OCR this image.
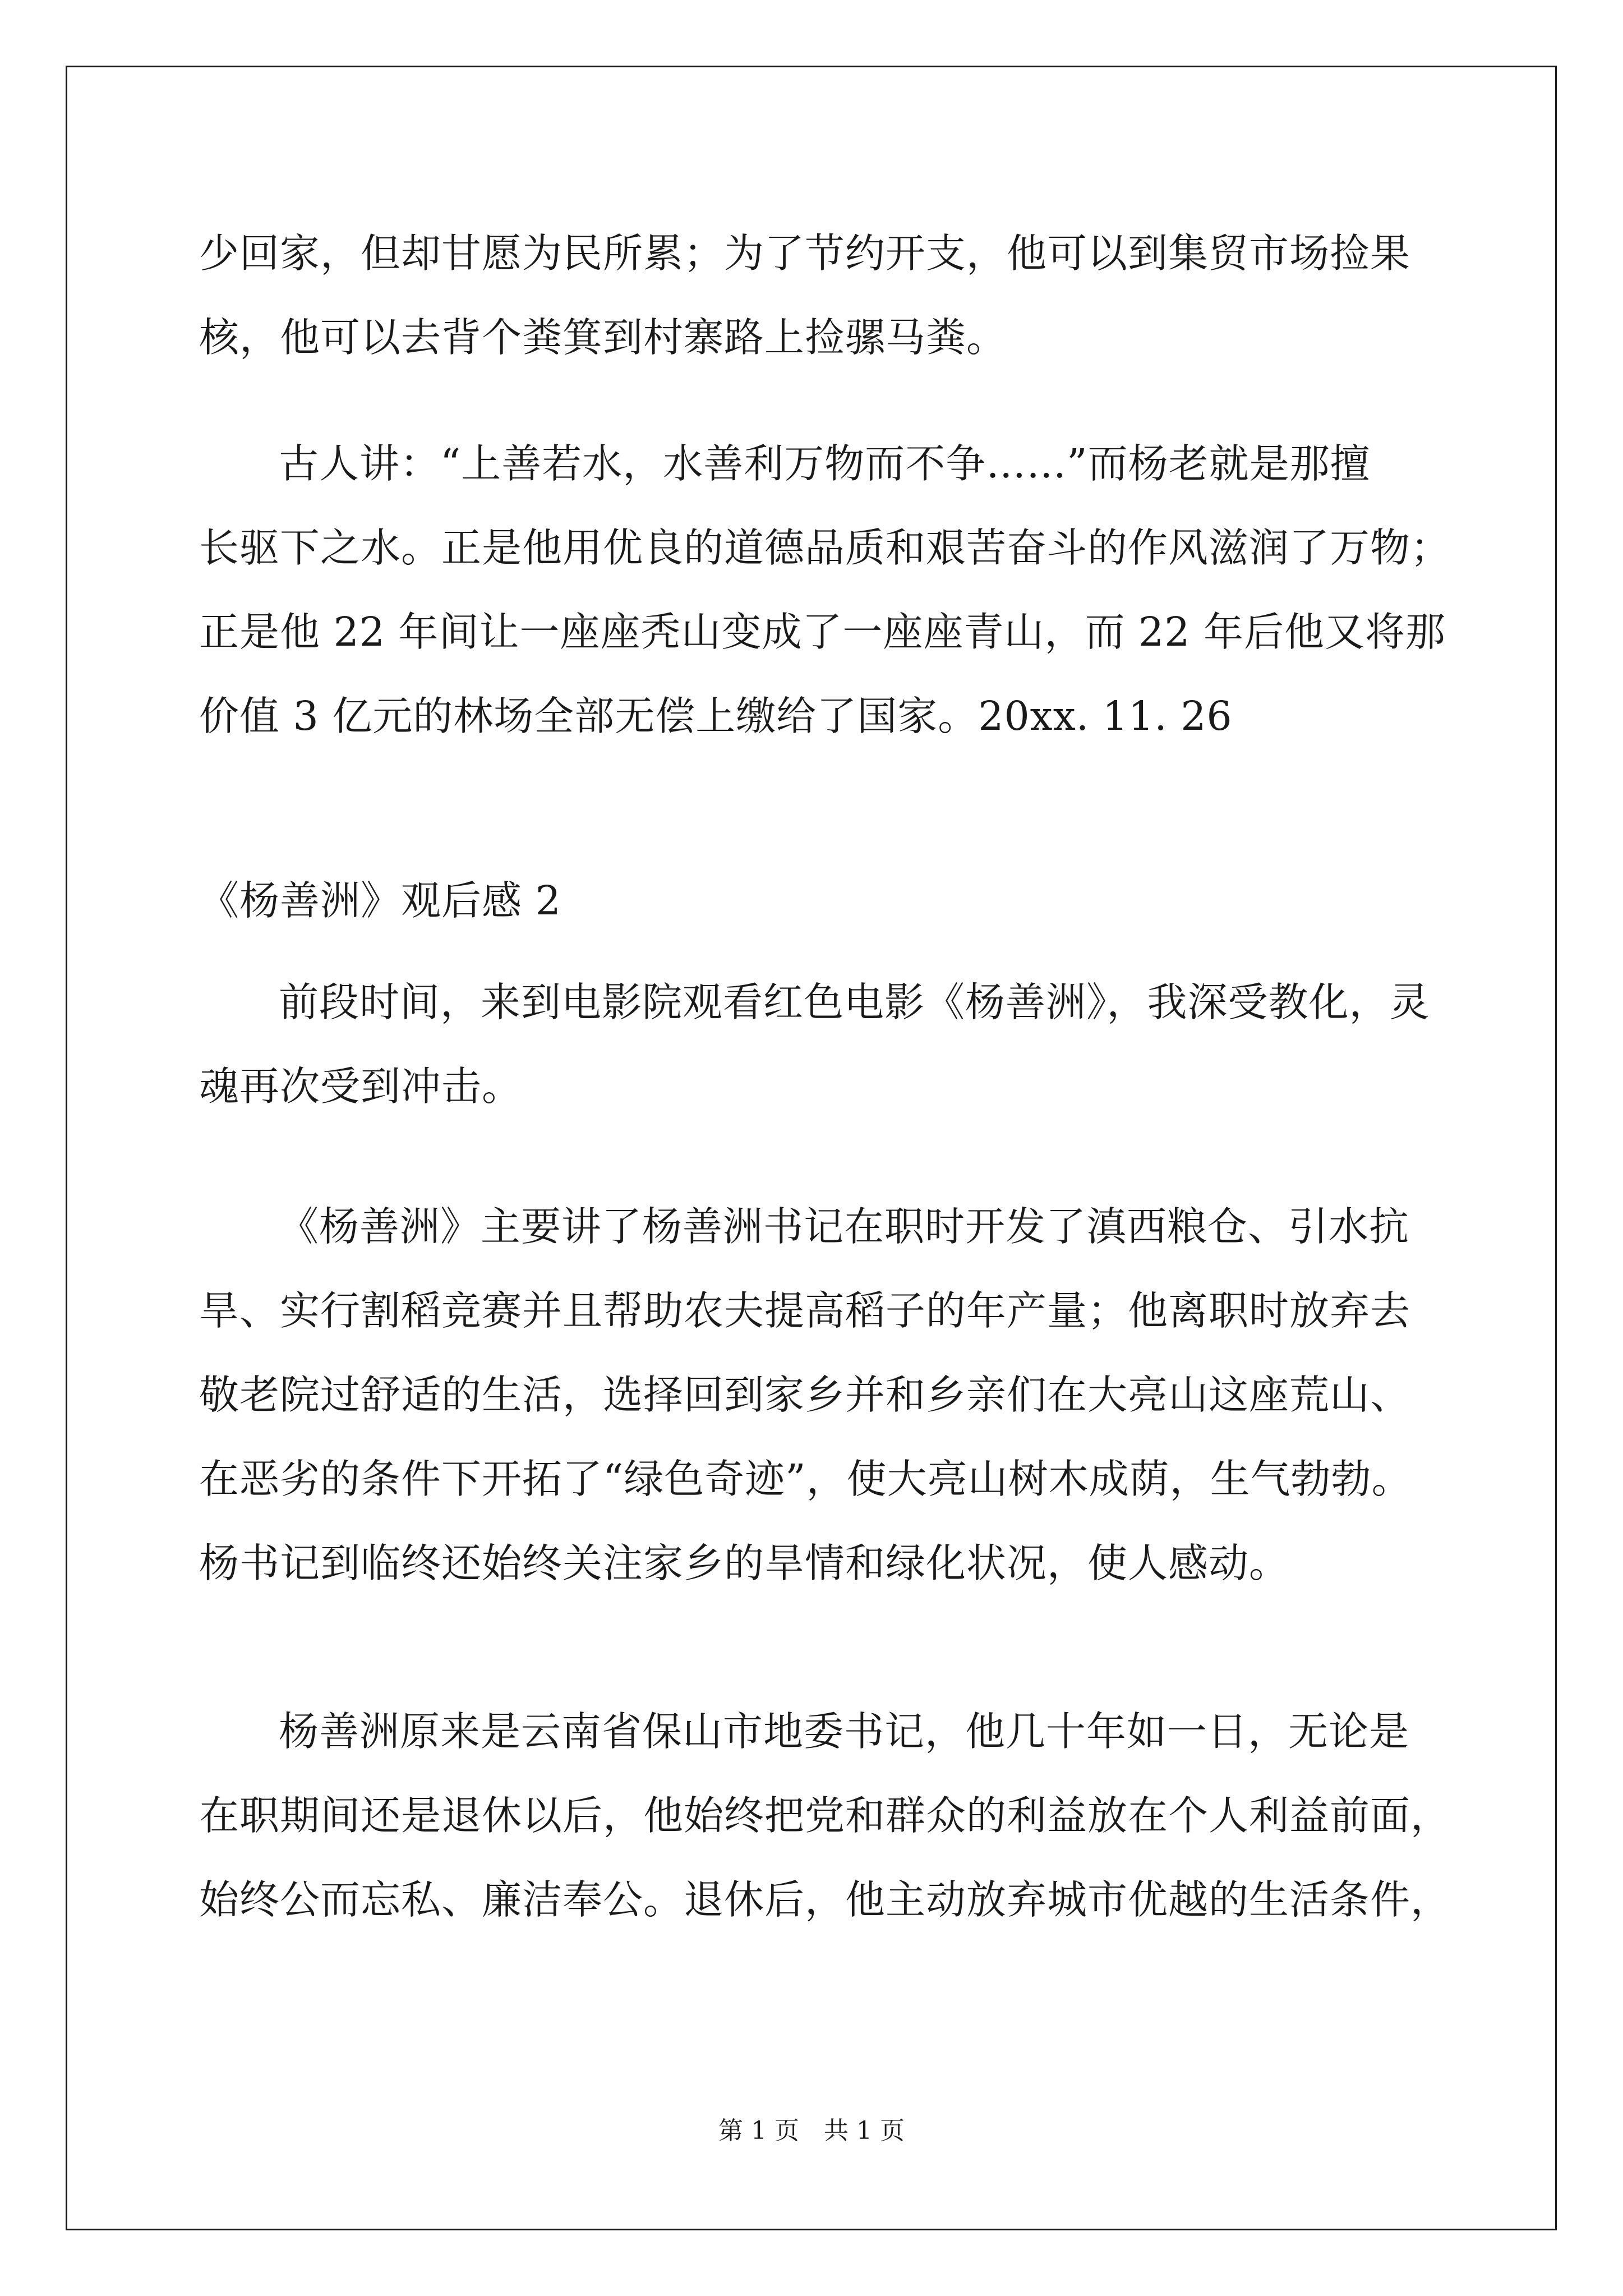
少回家，但却甘愿为民所累；为了节约开支，他可以到集贸市场捡果
核，他可以去背个粪箕到村寨路上捡骡马粪。

古人讲：“上善若水，水善利万物而不争……”而杨老就是那擅
长驱下之水。正是他用优良的道德品质和艰苦奋斗的作风滋润了万物；
正是他 22 年间让一座座秃山变成了一座座青山，而 22 年后他又将那
价值 3 亿元的林场全部无偿上缴给了国家。20xx. 11. 26

《杨善洲》观后感 2

前段时间，来到电影院观看红色电影《杨善洲》，我深受教化，灵
魂再次受到冲击。

《杨善洲》主要讲了杨善洲书记在职时开发了滇西粮仓、引水抗
旱、实行割稻竞赛并且帮助农夫提高稻子的年产量；他离职时放弃去
敬老院过舒适的生活，选择回到家乡并和乡亲们在大亮山这座荒山、
在恶劣的条件下开拓了“绿色奇迹”，使大亮山树木成荫，生气勃勃。
杨书记到临终还始终关注家乡的旱情和绿化状况，使人感动。

杨善洲原来是云南省保山市地委书记，他几十年如一日，无论是
在职期间还是退休以后，他始终把党和群众的利益放在个人利益前面，
始终公而忘私、廉洁奉公。退休后，他主动放弃城市优越的生活条件，

第 1 页　共 1 页
